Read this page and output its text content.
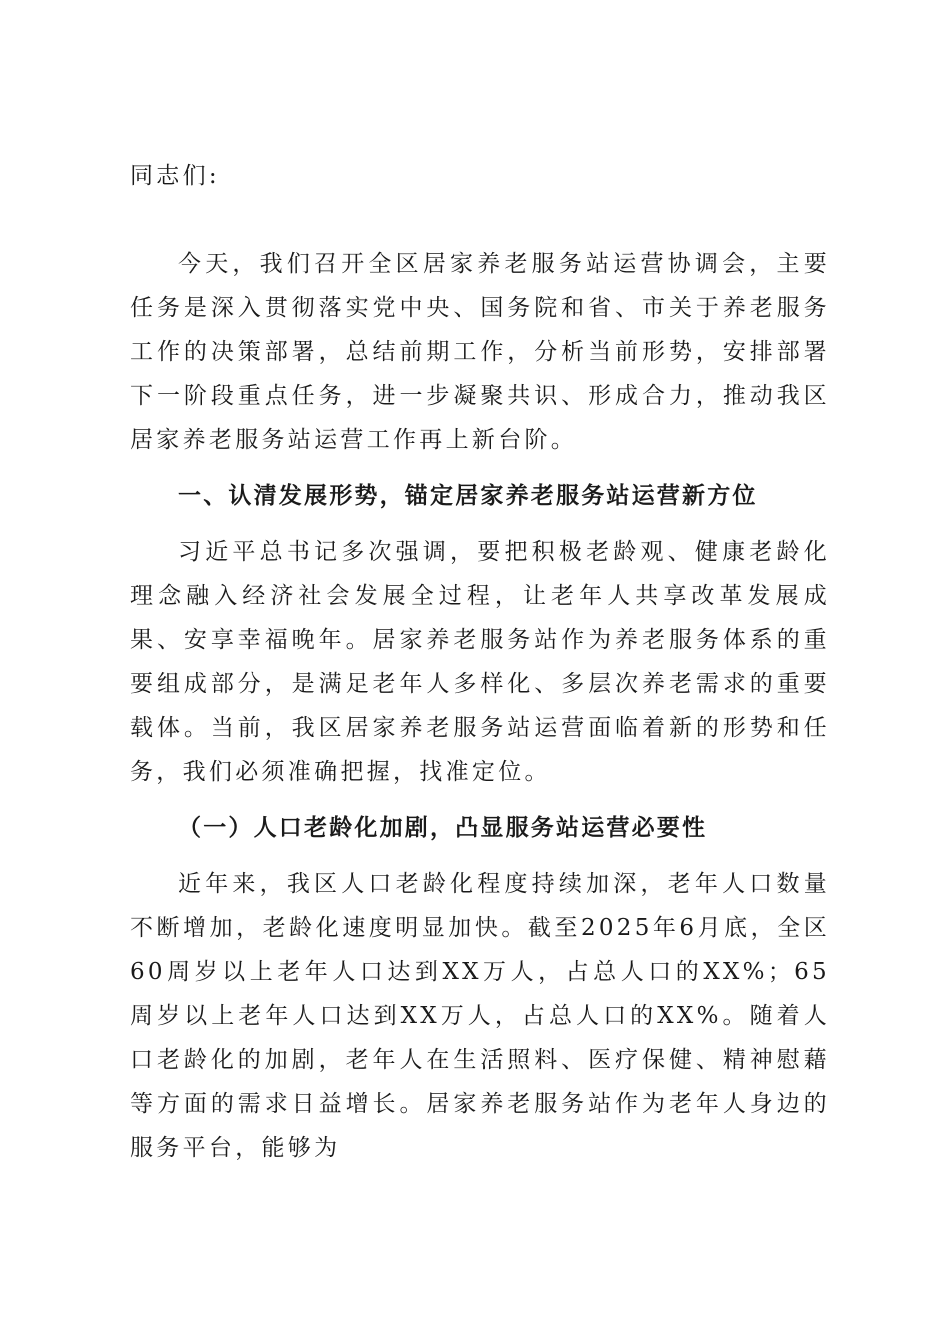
同志们:
今天，我们召开全区居家养老服务站运营协调会，主要任务是深入贯彻落实党中央、国务院和省、市关于养老服务工作的决策部署，总结前期工作，分析当前形势，安排部署下一阶段重点任务，进一步凝聚共识、形成合力，推动我区居家养老服务站运营工作再上新台阶。
一、认清发展形势，锚定居家养老服务站运营新方位
习近平总书记多次强调，要把积极老龄观、健康老龄化理念融入经济社会发展全过程，让老年人共享改革发展成果、安享幸福晚年。居家养老服务站作为养老服务体系的重要组成部分，是满足老年人多样化、多层次养老需求的重要载体。当前，我区居家养老服务站运营面临着新的形势和任务，我们必须准确把握，找准定位。
（一）人口老龄化加剧，凸显服务站运营必要性
近年来，我区人口老龄化程度持续加深，老年人口数量不断增加，老龄化速度明显加快。截至2025年6月底，全区60周岁以上老年人口达到XX万人，占总人口的XX%；65周岁以上老年人口达到XX万人，占总人口的XX%。随着人口老龄化的加剧，老年人在生活照料、医疗保健、精神慰藉等方面的需求日益增长。居家养老服务站作为老年人身边的服务平台，能够为
